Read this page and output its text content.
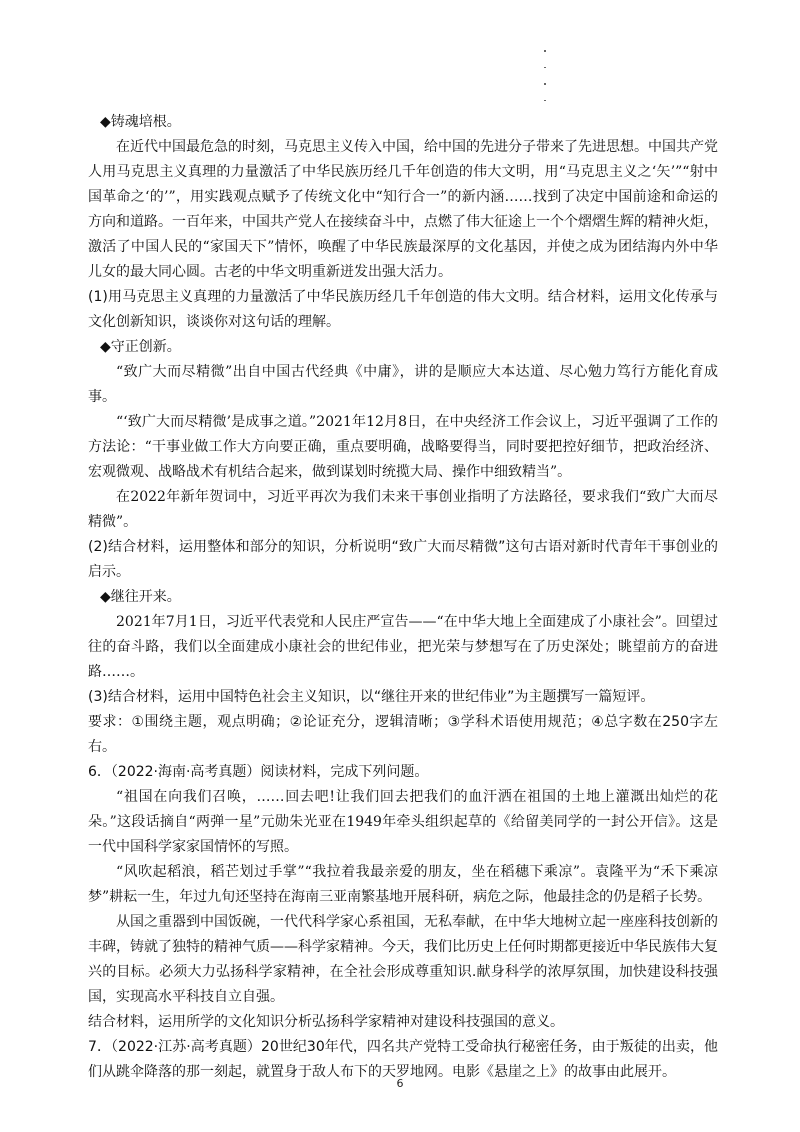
◆铸魂培根。

在近代中国最危急的时刻，马克思主义传入中国，给中国的先进分子带来了先进思想。中国共产党人用马克思主义真理的力量激活了中华民族历经几千年创造的伟大文明，用“马克思主义之‘矢’”“射中国革命之‘的’”，用实践观点赋予了传统文化中“知行合一”的新内涵……找到了决定中国前途和命运的方向和道路。一百年来，中国共产党人在接续奋斗中，点燃了伟大征途上一个个熠熠生辉的精神火炬，激活了中国人民的“家国天下”情怀，唤醒了中华民族最深厚的文化基因，并使之成为团结海内外中华儿女的最大同心圆。古老的中华文明重新迸发出强大活力。

(1)用马克思主义真理的力量激活了中华民族历经几千年创造的伟大文明。结合材料，运用文化传承与文化创新知识，谈谈你对这句话的理解。

◆守正创新。

“致广大而尽精微”出自中国古代经典《中庸》，讲的是顺应大本达道、尽心勉力笃行方能化育成事。

“‘致广大而尽精微’是成事之道。”2021年12月8日，在中央经济工作会议上，习近平强调了工作的方法论：“干事业做工作大方向要正确，重点要明确，战略要得当，同时要把控好细节，把政治经济、宏观微观、战略战术有机结合起来，做到谋划时统揽大局、操作中细致精当”。

在2022年新年贺词中，习近平再次为我们未来干事创业指明了方法路径，要求我们“致广大而尽精微”。

(2)结合材料，运用整体和部分的知识，分析说明“致广大而尽精微”这句古语对新时代青年干事创业的启示。

◆继往开来。

2021年7月1日，习近平代表党和人民庄严宣告——“在中华大地上全面建成了小康社会”。回望过往的奋斗路，我们以全面建成小康社会的世纪伟业，把光荣与梦想写在了历史深处；眺望前方的奋进路……。

(3)结合材料，运用中国特色社会主义知识，以“继往开来的世纪伟业”为主题撰写一篇短评。

要求：①围绕主题，观点明确；②论证充分，逻辑清晰；③学科术语使用规范；④总字数在250字左右。

6．（2022·海南·高考真题）阅读材料，完成下列问题。

“祖国在向我们召唤，……回去吧!让我们回去把我们的血汗洒在祖国的土地上灌溉出灿烂的花朵。”这段话摘自“两弹一星”元勋朱光亚在1949年牵头组织起草的《给留美同学的一封公开信》。这是一代中国科学家家国情怀的写照。

“风吹起稻浪，稻芒划过手掌”“我拉着我最亲爱的朋友，坐在稻穗下乘凉”。袁隆平为“禾下乘凉梦”耕耘一生，年过九旬还坚持在海南三亚南繁基地开展科研，病危之际，他最挂念的仍是稻子长势。

从国之重器到中国饭碗，一代代科学家心系祖国，无私奉献，在中华大地树立起一座座科技创新的丰碑，铸就了独特的精神气质——科学家精神。今天，我们比历史上任何时期都更接近中华民族伟大复兴的目标。必须大力弘扬科学家精神，在全社会形成尊重知识.献身科学的浓厚氛围，加快建设科技强国，实现高水平科技自立自强。

结合材料，运用所学的文化知识分析弘扬科学家精神对建设科技强国的意义。

7．（2022·江苏·高考真题）20世纪30年代，四名共产党特工受命执行秘密任务，由于叛徒的出卖，他们从跳伞降落的那一刻起，就置身于敌人布下的天罗地网。电影《悬崖之上》的故事由此展开。

6
